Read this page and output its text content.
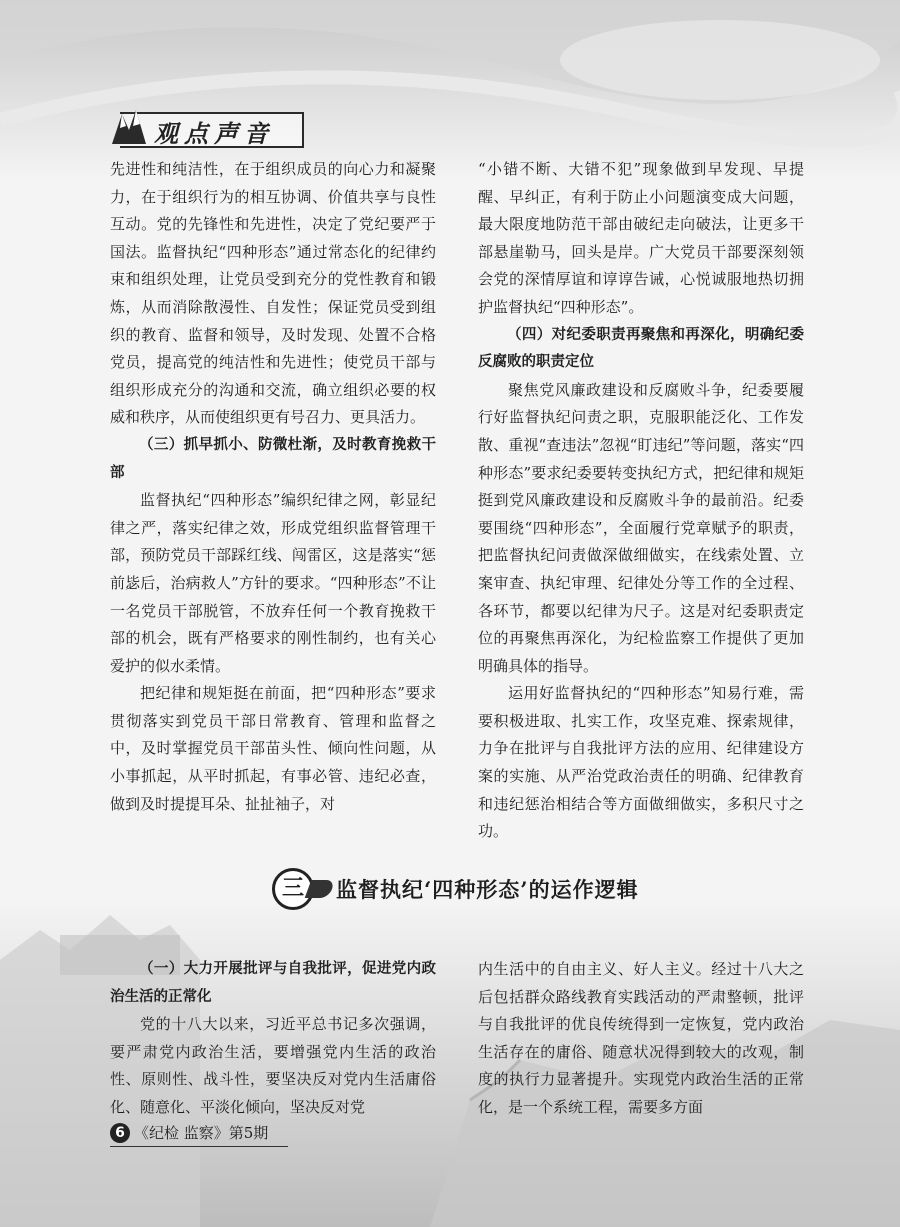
观点声音

先进性和纯洁性，在于组织成员的向心力和凝聚力，在于组织行为的相互协调、价值共享与良性互动。党的先锋性和先进性，决定了党纪要严于国法。监督执纪“四种形态”通过常态化的纪律约束和组织处理，让党员受到充分的党性教育和锻炼，从而消除散漫性、自发性；保证党员受到组织的教育、监督和领导，及时发现、处置不合格党员，提高党的纯洁性和先进性；使党员干部与组织形成充分的沟通和交流，确立组织必要的权威和秩序，从而使组织更有号召力、更具活力。

（三）抓早抓小、防微杜渐，及时教育挽救干部

监督执纪“四种形态”编织纪律之网，彰显纪律之严，落实纪律之效，形成党组织监督管理干部，预防党员干部踩红线、闯雷区，这是落实“惩前毖后，治病救人”方针的要求。“四种形态”不让一名党员干部脱管，不放弃任何一个教育挽救干部的机会，既有严格要求的刚性制约，也有关心爱护的似水柔情。

把纪律和规矩挺在前面，把“四种形态”要求贯彻落实到党员干部日常教育、管理和监督之中，及时掌握党员干部苗头性、倾向性问题，从小事抓起，从平时抓起，有事必管、违纪必查，做到及时提提耳朵、扯扯袖子，对

“小错不断、大错不犯”现象做到早发现、早提醒、早纠正，有利于防止小问题演变成大问题，最大限度地防范干部由破纪走向破法，让更多干部悬崖勒马，回头是岸。广大党员干部要深刻领会党的深情厚谊和谆谆告诫，心悦诚服地热切拥护监督执纪“四种形态”。

（四）对纪委职责再聚焦和再深化，明确纪委反腐败的职责定位

聚焦党风廉政建设和反腐败斗争，纪委要履行好监督执纪问责之职，克服职能泛化、工作发散、重视“查违法”忽视“盯违纪”等问题，落实“四种形态”要求纪委要转变执纪方式，把纪律和规矩挺到党风廉政建设和反腐败斗争的最前沿。纪委要围绕“四种形态”，全面履行党章赋予的职责，把监督执纪问责做深做细做实，在线索处置、立案审查、执纪审理、纪律处分等工作的全过程、各环节，都要以纪律为尺子。这是对纪委职责定位的再聚焦再深化，为纪检监察工作提供了更加明确具体的指导。

运用好监督执纪的“四种形态”知易行难，需要积极进取、扎实工作，攻坚克难、探索规律，力争在批评与自我批评方法的应用、纪律建设方案的实施、从严治党政治责任的明确、纪律教育和违纪惩治相结合等方面做细做实，多积尺寸之功。

三	监督执纪‘四种形态’的运作逻辑

（一）大力开展批评与自我批评，促进党内政治生活的正常化

党的十八大以来，习近平总书记多次强调，要严肃党内政治生活，要增强党内生活的政治性、原则性、战斗性，要坚决反对党内生活庸俗化、随意化、平淡化倾向，坚决反对党

内生活中的自由主义、好人主义。经过十八大之后包括群众路线教育实践活动的严肃整顿，批评与自我批评的优良传统得到一定恢复，党内政治生活存在的庸俗、随意状况得到较大的改观，制度的执行力显著提升。实现党内政治生活的正常化，是一个系统工程，需要多方面

6 《纪检 监察》第5期
